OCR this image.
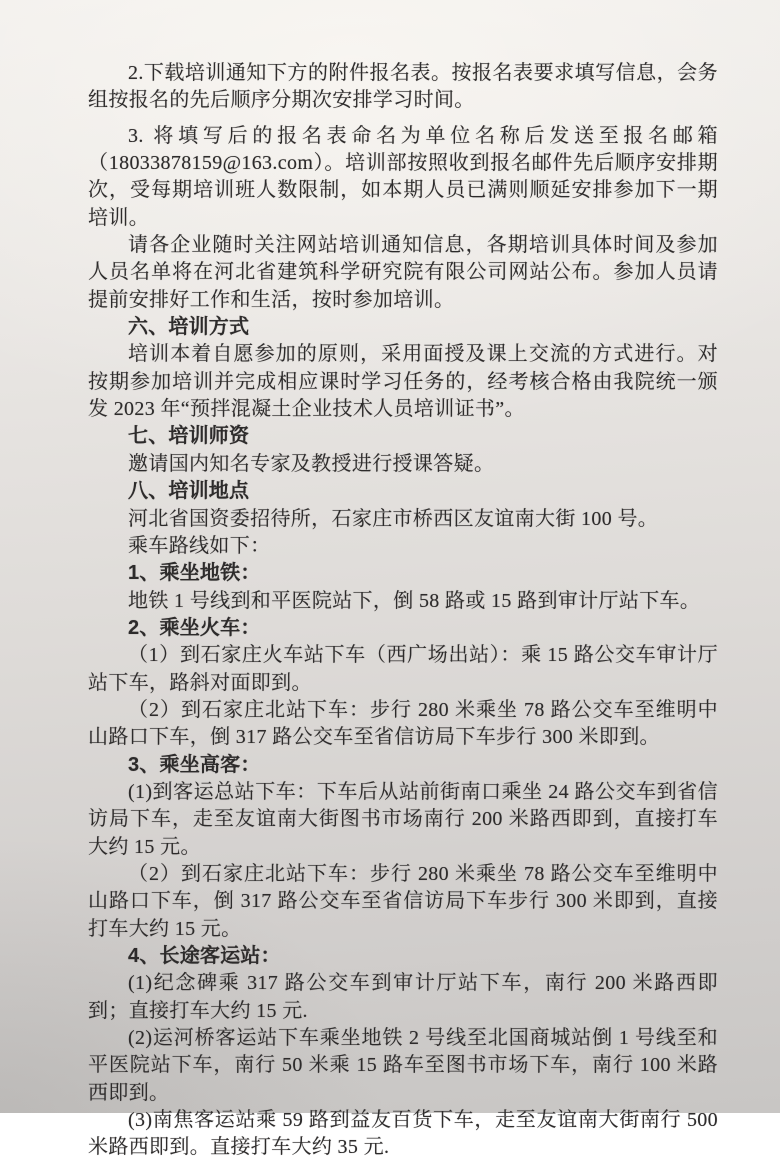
2.下载培训通知下方的附件报名表。按报名表要求填写信息，会务组按报名的先后顺序分期次安排学习时间。

3. 将填写后的报名表命名为单位名称后发送至报名邮箱（18033878159@163.com）。培训部按照收到报名邮件先后顺序安排期次，受每期培训班人数限制，如本期人员已满则顺延安排参加下一期培训。

请各企业随时关注网站培训通知信息，各期培训具体时间及参加人员名单将在河北省建筑科学研究院有限公司网站公布。参加人员请提前安排好工作和生活，按时参加培训。

六、培训方式

培训本着自愿参加的原则，采用面授及课上交流的方式进行。对按期参加培训并完成相应课时学习任务的，经考核合格由我院统一颁发 2023 年“预拌混凝土企业技术人员培训证书”。

七、培训师资

邀请国内知名专家及教授进行授课答疑。

八、培训地点

河北省国资委招待所，石家庄市桥西区友谊南大街 100 号。

乘车路线如下：

1、乘坐地铁：

地铁 1 号线到和平医院站下，倒 58 路或 15 路到审计厅站下车。

2、乘坐火车：

（1）到石家庄火车站下车（西广场出站）：乘 15 路公交车审计厅站下车，路斜对面即到。

（2）到石家庄北站下车：步行 280 米乘坐 78 路公交车至维明中山路口下车，倒 317 路公交车至省信访局下车步行 300 米即到。

3、乘坐高客：

(1)到客运总站下车：下车后从站前街南口乘坐 24 路公交车到省信访局下车，走至友谊南大街图书市场南行 200 米路西即到，直接打车大约 15 元。

（2）到石家庄北站下车：步行 280 米乘坐 78 路公交车至维明中山路口下车，倒 317 路公交车至省信访局下车步行 300 米即到，直接打车大约 15 元。

4、长途客运站：

(1)纪念碑乘 317 路公交车到审计厅站下车，南行 200 米路西即到；直接打车大约 15 元.

(2)运河桥客运站下车乘坐地铁 2 号线至北国商城站倒 1 号线至和平医院站下车，南行 50 米乘 15 路车至图书市场下车，南行 100 米路西即到。

(3)南焦客运站乘 59 路到益友百货下车，走至友谊南大街南行 500 米路西即到。直接打车大约 35 元.
